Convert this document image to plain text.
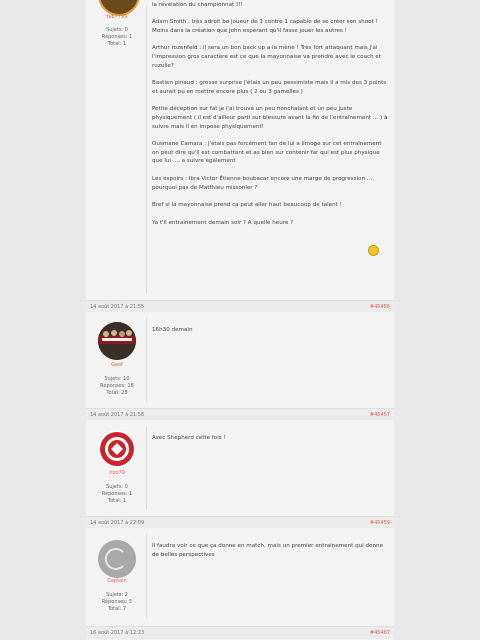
fab7799
Sujets: 0
Réponses: 1
Total: 1

la révélation du championnat !!!

Adam Smith : très adroit bo joueur de 1 contre 1 capable de se créer son shoot ! Moins dans la création que John espérant qu'il fasse jouer les autres !

Arthur rozenfeld : il sera un bon back up a la mène ! Très fort attaquant mais j'ai l'impression gros caractère est ce que la mayonnaise va prendre avec le coach et ruzulie?

Bastien pinaud : grosse surprise j'étais un peu pessimiste mais il a mis des 3 points et aurait pu en mettre encore plus ( 2 ou 3 gamelles )

Petite déception sur fat je l'ai trouvé un peu nonchalant et un peu juste physiquement ( il est d'ailleur parti sur blessure avant la fin de l'entraînement ... ) à suivre mais il en impose physiquement!

Ousmane Camara : j'étais pas forcément fan de lui a limoge sur cet entraînement on peut dire qu'il est combattant et as bien sur contenir far qui est plus physique que lui .... a suivre également

Les espoirs : Ibra Victor Étienne boubacar encore une marge de progression ... pourquoi pas de Matthieu missonier ?

Bref si la mayonnaise prend ca peut aller haut beaucoup de talent !

Ya t'il entrainement demain soir ? A quelle heure ?

14 août 2017 à 21:55	#45456
Geof
Sujets: 10
Réponses: 18
Total: 28

16h30 demain

14 août 2017 à 21:58	#45457
rico79
Sujets: 0
Réponses: 1
Total: 1

Avec Shepherd cette fois !

14 août 2017 à 22:09	#45459
Captain
Sujets: 2
Réponses: 5
Total: 7

Il faudra voir ce que ça donne en match, mais un premier entrainement qui donne de belles perspectives

16 août 2017 à 12:23	#45467
